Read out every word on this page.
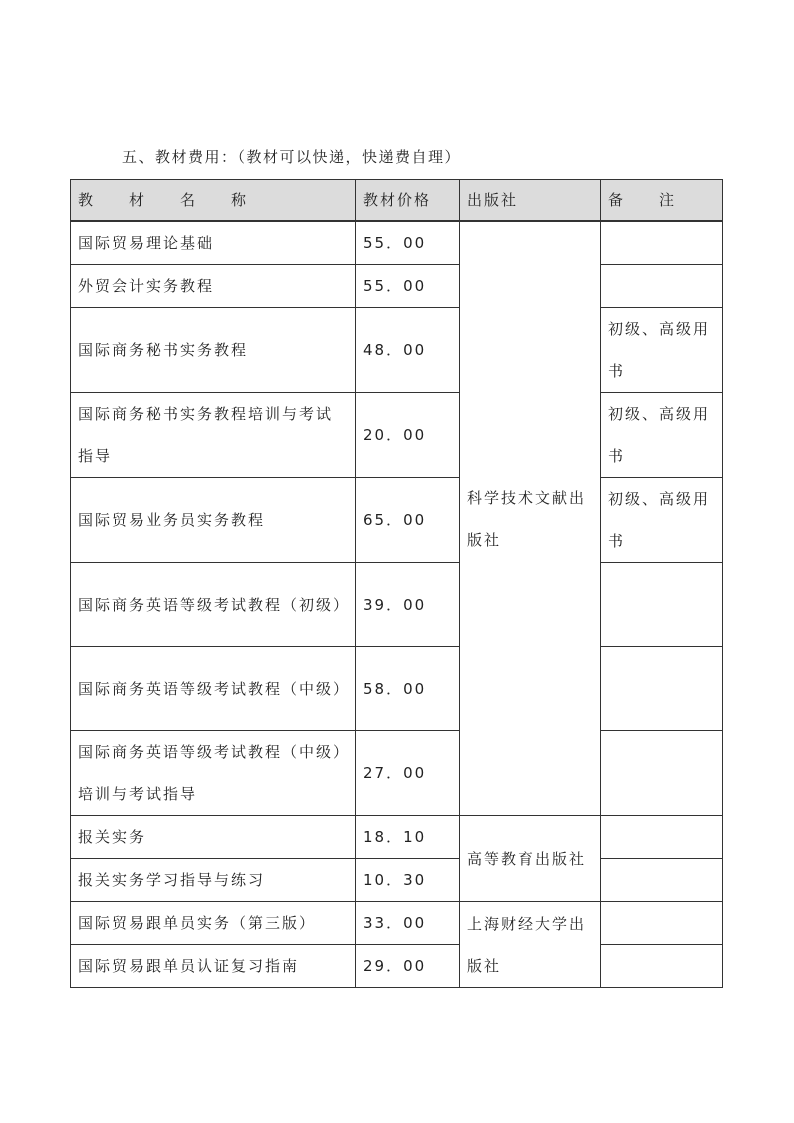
五、教材费用：（教材可以快递，快递费自理）
教　　材　　名　　称	教材价格	出版社	备　　注
国际贸易理论基础	55．00	科学技术文献出版社	
外贸会计实务教程	55．00		
国际商务秘书实务教程	48．00		初级、高级用书
国际商务秘书实务教程培训与考试指导	20．00		初级、高级用书
国际贸易业务员实务教程	65．00		初级、高级用书
国际商务英语等级考试教程（初级）	39．00		
国际商务英语等级考试教程（中级）	58．00		
国际商务英语等级考试教程（中级）培训与考试指导	27．00		
报关实务	18．10	高等教育出版社	
报关实务学习指导与练习	10．30		
国际贸易跟单员实务（第三版）	33．00	上海财经大学出版社	
国际贸易跟单员认证复习指南	29．00		
